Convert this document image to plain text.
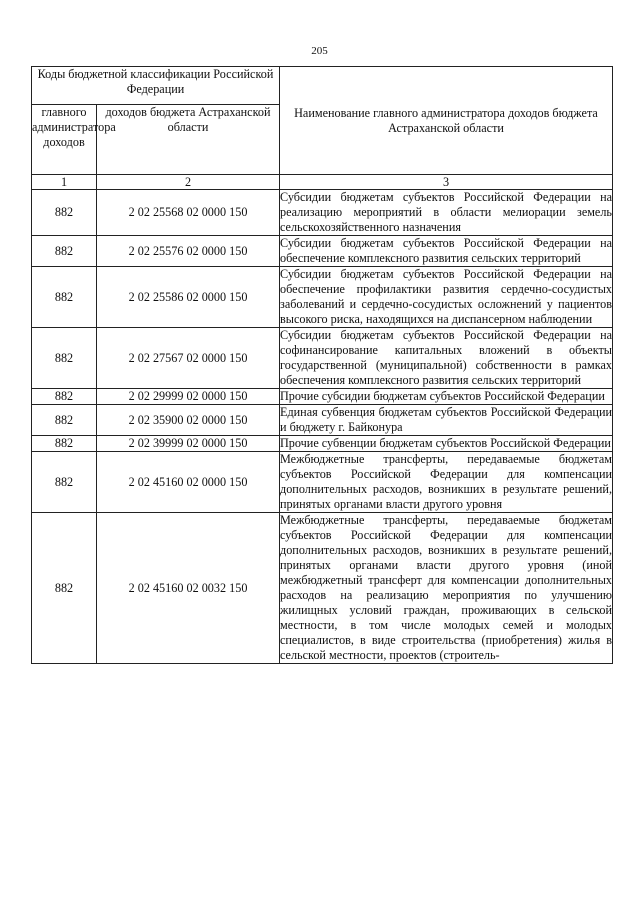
205
Коды бюджетной классификации Российской Федерации		Наименование главного администратора доходов бюджета Астраханской области
главного администратора доходов	доходов бюджета Астраханской области	
1	2	3
882	2 02 25568 02 0000 150	Субсидии бюджетам субъектов Российской Федерации на реализацию мероприятий в области мелиорации земель сельскохозяйственного назначения
882	2 02 25576 02 0000 150	Субсидии бюджетам субъектов Российской Федерации на обеспечение комплексного развития сельских территорий
882	2 02 25586 02 0000 150	Субсидии бюджетам субъектов Российской Федерации на обеспечение профилактики развития сердечно-сосудистых заболеваний и сердечно-сосудистых осложнений у пациентов высокого риска, находящихся на диспансерном наблюдении
882	2 02 27567 02 0000 150	Субсидии бюджетам субъектов Российской Федерации на софинансирование капитальных вложений в объекты государственной (муниципальной) собственности в рамках обеспечения комплексного развития сельских территорий
882	2 02 29999 02 0000 150	Прочие субсидии бюджетам субъектов Российской Федерации
882	2 02 35900 02 0000 150	Единая субвенция бюджетам субъектов Российской Федерации и бюджету г. Байконура
882	2 02 39999 02 0000 150	Прочие субвенции бюджетам субъектов Российской Федерации
882	2 02 45160 02 0000 150	Межбюджетные трансферты, передаваемые бюджетам субъектов Российской Федерации для компенсации дополнительных расходов, возникших в результате решений, принятых органами власти другого уровня
882	2 02 45160 02 0032 150	Межбюджетные трансферты, передаваемые бюджетам субъектов Российской Федерации для компенсации дополнительных расходов, возникших в результате решений, принятых органами власти другого уровня (иной межбюджетный трансферт для компенсации дополнительных расходов на реализацию мероприятия по улучшению жилищных условий граждан, проживающих в сельской местности, в том числе молодых семей и молодых специалистов, в виде строительства (приобретения) жилья в сельской местности, проектов (строитель-
